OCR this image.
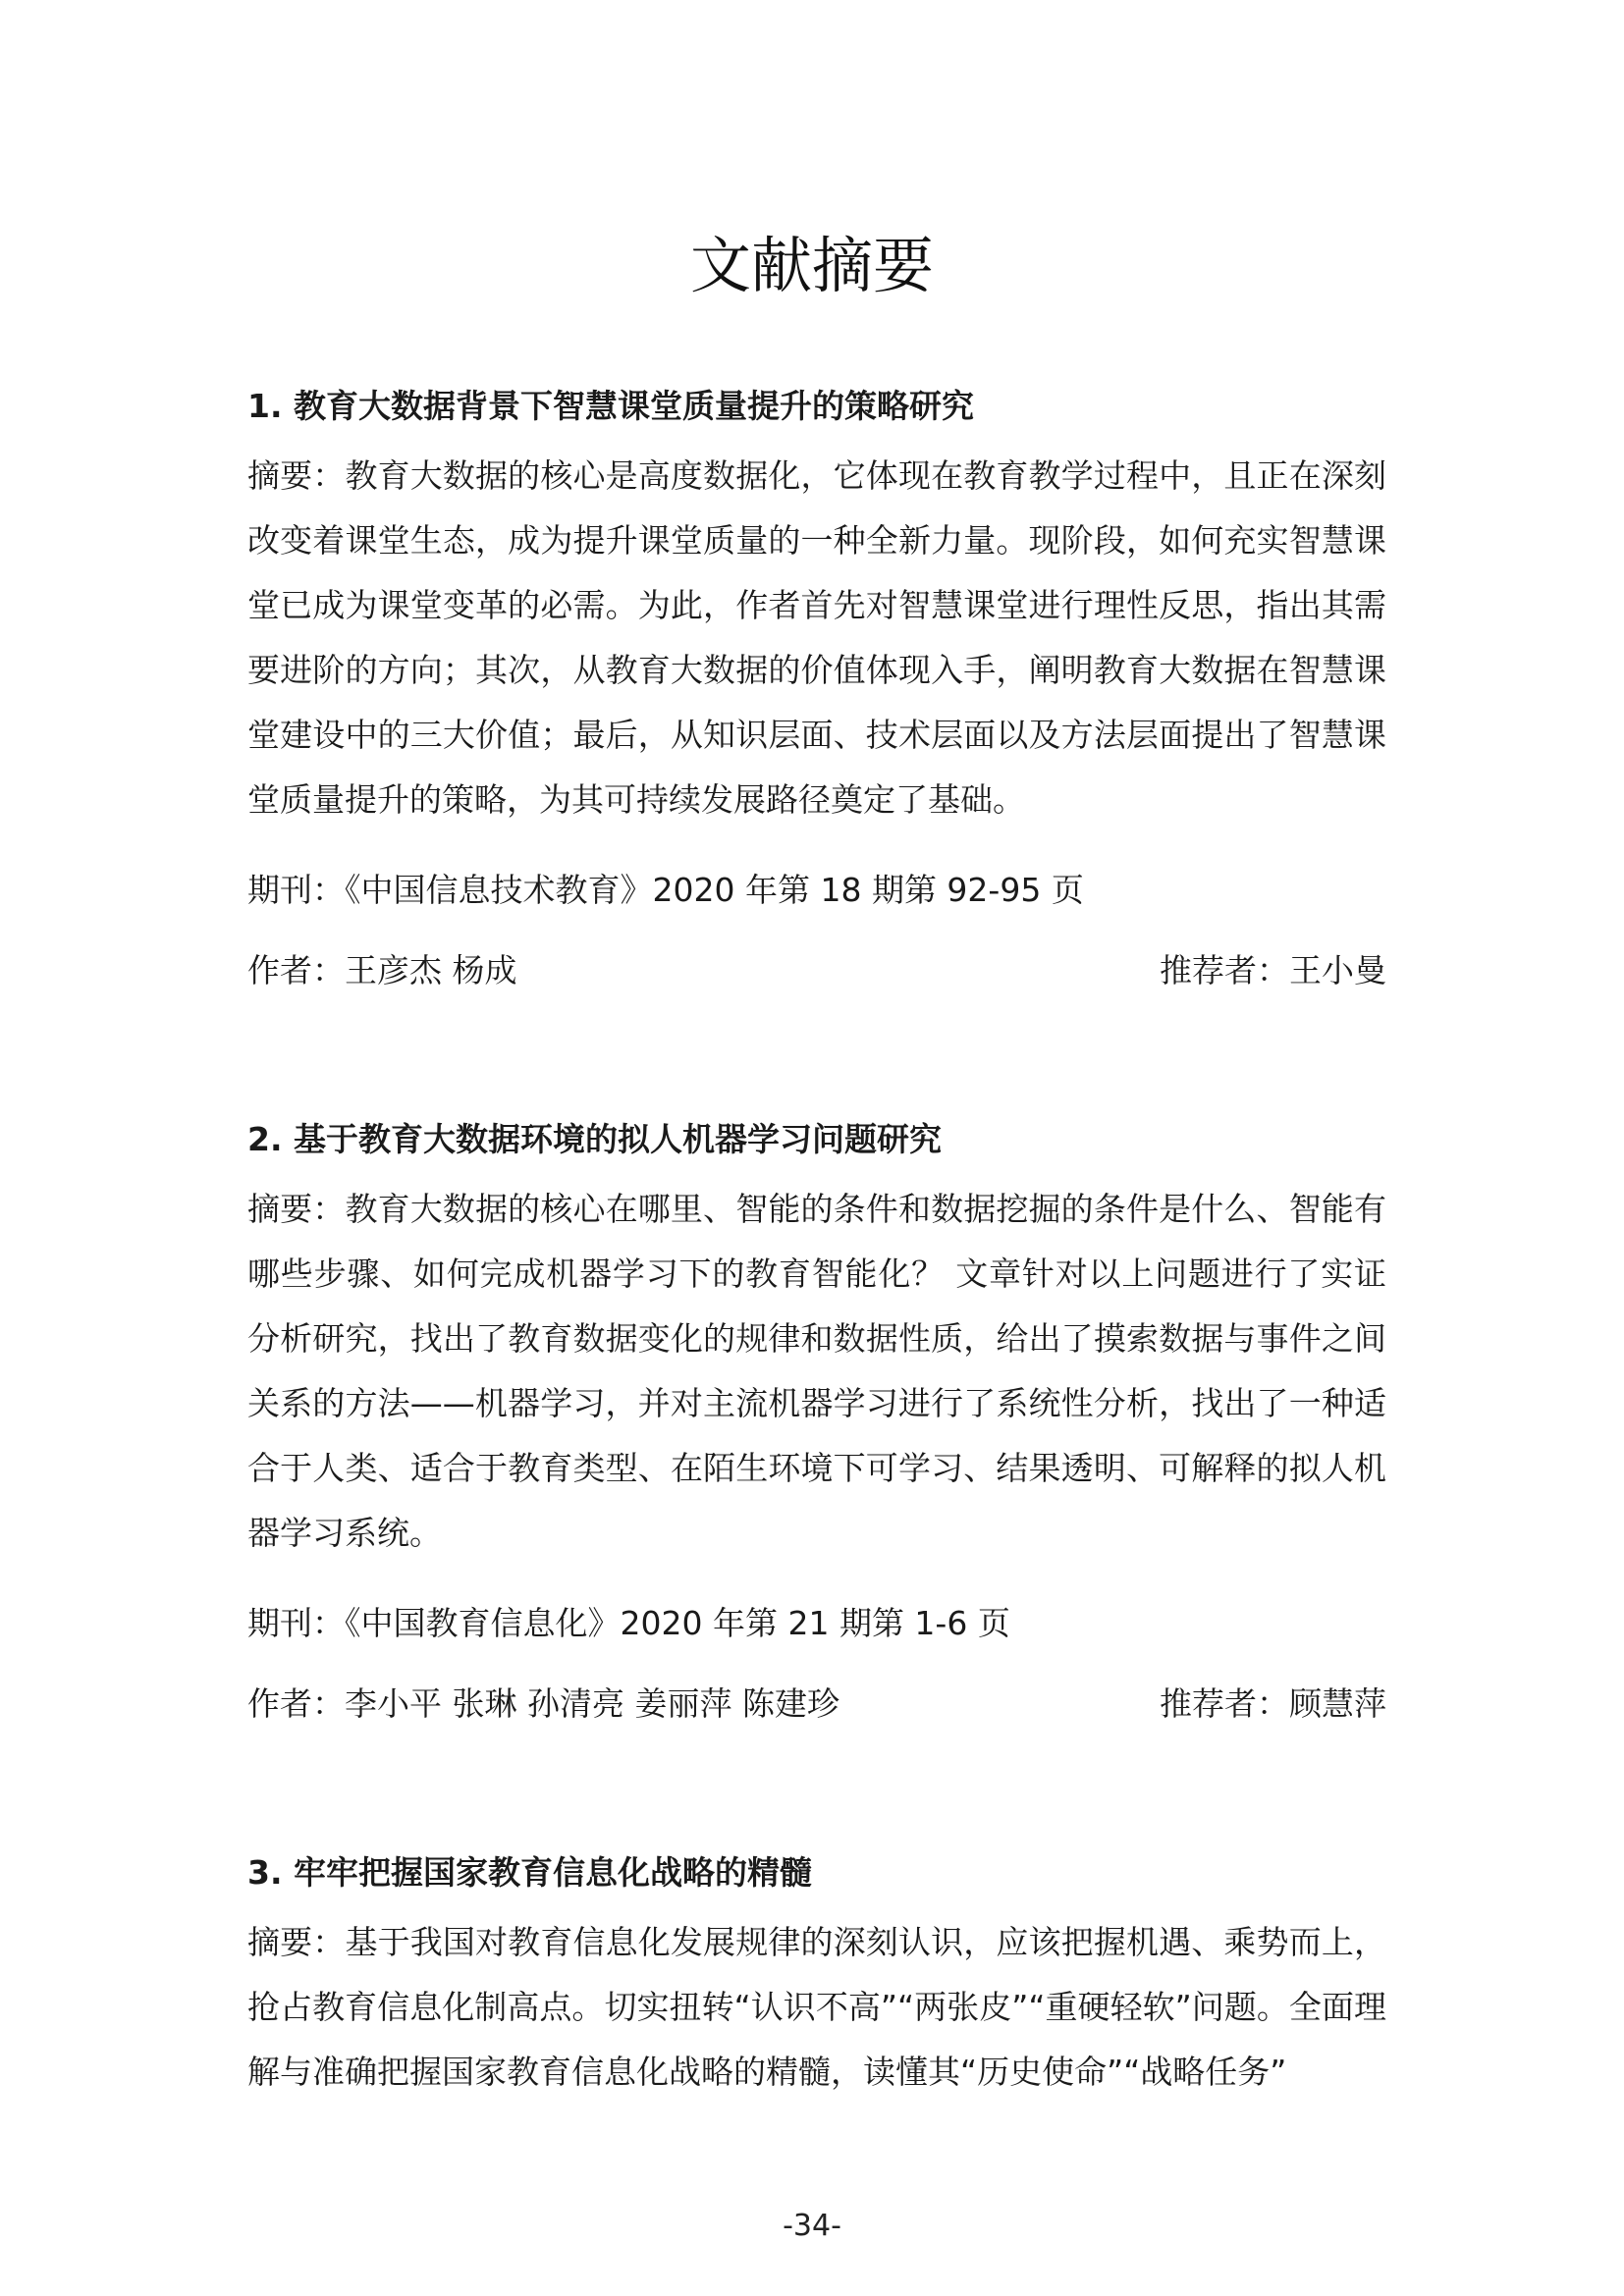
文献摘要
1. 教育大数据背景下智慧课堂质量提升的策略研究

摘要：教育大数据的核心是高度数据化，它体现在教育教学过程中，且正在深刻改变着课堂生态，成为提升课堂质量的一种全新力量。现阶段，如何充实智慧课堂已成为课堂变革的必需。为此，作者首先对智慧课堂进行理性反思，指出其需要进阶的方向；其次，从教育大数据的价值体现入手，阐明教育大数据在智慧课堂建设中的三大价值；最后，从知识层面、技术层面以及方法层面提出了智慧课堂质量提升的策略，为其可持续发展路径奠定了基础。

期刊：《中国信息技术教育》2020 年第 18 期第 92-95 页
作者：王彦杰 杨成	推荐者：王小曼
2. 基于教育大数据环境的拟人机器学习问题研究

摘要：教育大数据的核心在哪里、智能的条件和数据挖掘的条件是什么、智能有哪些步骤、如何完成机器学习下的教育智能化？ 文章针对以上问题进行了实证分析研究，找出了教育数据变化的规律和数据性质，给出了摸索数据与事件之间关系的方法——机器学习，并对主流机器学习进行了系统性分析，找出了一种适合于人类、适合于教育类型、在陌生环境下可学习、结果透明、可解释的拟人机器学习系统。

期刊：《中国教育信息化》2020 年第 21 期第 1-6 页
作者：李小平 张琳 孙清亮 姜丽萍 陈建珍	推荐者：顾慧萍
3. 牢牢把握国家教育信息化战略的精髓

摘要：基于我国对教育信息化发展规律的深刻认识，应该把握机遇、乘势而上，抢占教育信息化制高点。切实扭转“认识不高”“两张皮”“重硬轻软”问题。全面理解与准确把握国家教育信息化战略的精髓，读懂其“历史使命”“战略任务”

-34-
